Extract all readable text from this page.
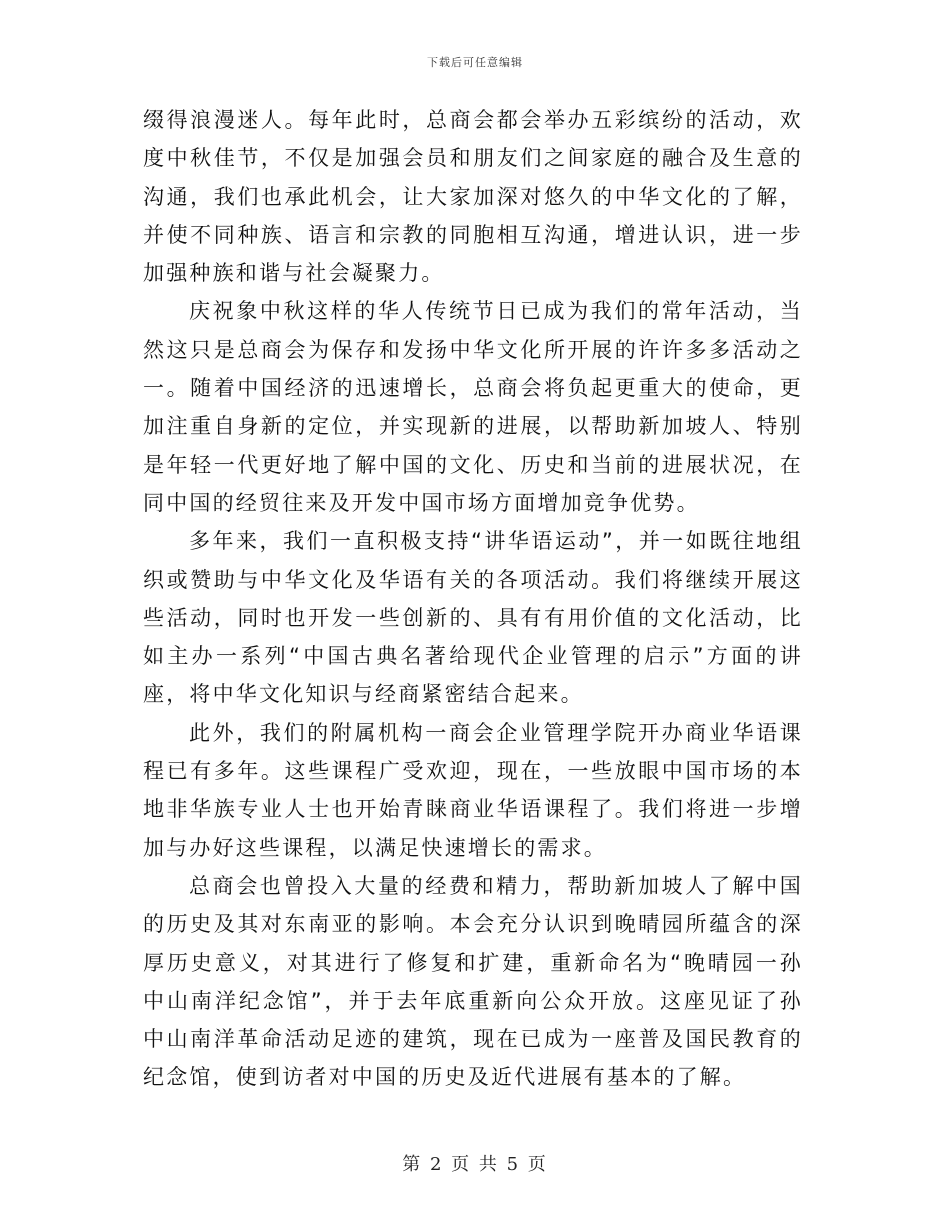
下载后可任意编辑

缀得浪漫迷人。每年此时，总商会都会举办五彩缤纷的活动，欢度中秋佳节，不仅是加强会员和朋友们之间家庭的融合及生意的沟通，我们也承此机会，让大家加深对悠久的中华文化的了解，并使不同种族、语言和宗教的同胞相互沟通，增进认识，进一步加强种族和谐与社会凝聚力。

庆祝象中秋这样的华人传统节日已成为我们的常年活动，当然这只是总商会为保存和发扬中华文化所开展的许许多多活动之一。随着中国经济的迅速增长，总商会将负起更重大的使命，更加注重自身新的定位，并实现新的进展，以帮助新加坡人、特别是年轻一代更好地了解中国的文化、历史和当前的进展状况，在同中国的经贸往来及开发中国市场方面增加竞争优势。

多年来，我们一直积极支持“讲华语运动”，并一如既往地组织或赞助与中华文化及华语有关的各项活动。我们将继续开展这些活动，同时也开发一些创新的、具有有用价值的文化活动，比如主办一系列“中国古典名著给现代企业管理的启示”方面的讲座，将中华文化知识与经商紧密结合起来。

此外，我们的附属机构一商会企业管理学院开办商业华语课程已有多年。这些课程广受欢迎，现在，一些放眼中国市场的本地非华族专业人士也开始青睐商业华语课程了。我们将进一步增加与办好这些课程，以满足快速增长的需求。

总商会也曾投入大量的经费和精力，帮助新加坡人了解中国的历史及其对东南亚的影响。本会充分认识到晚晴园所蕴含的深厚历史意义，对其进行了修复和扩建，重新命名为“晚晴园一孙中山南洋纪念馆”，并于去年底重新向公众开放。这座见证了孙中山南洋革命活动足迹的建筑，现在已成为一座普及国民教育的纪念馆，使到访者对中国的历史及近代进展有基本的了解。

第 2 页 共 5 页
